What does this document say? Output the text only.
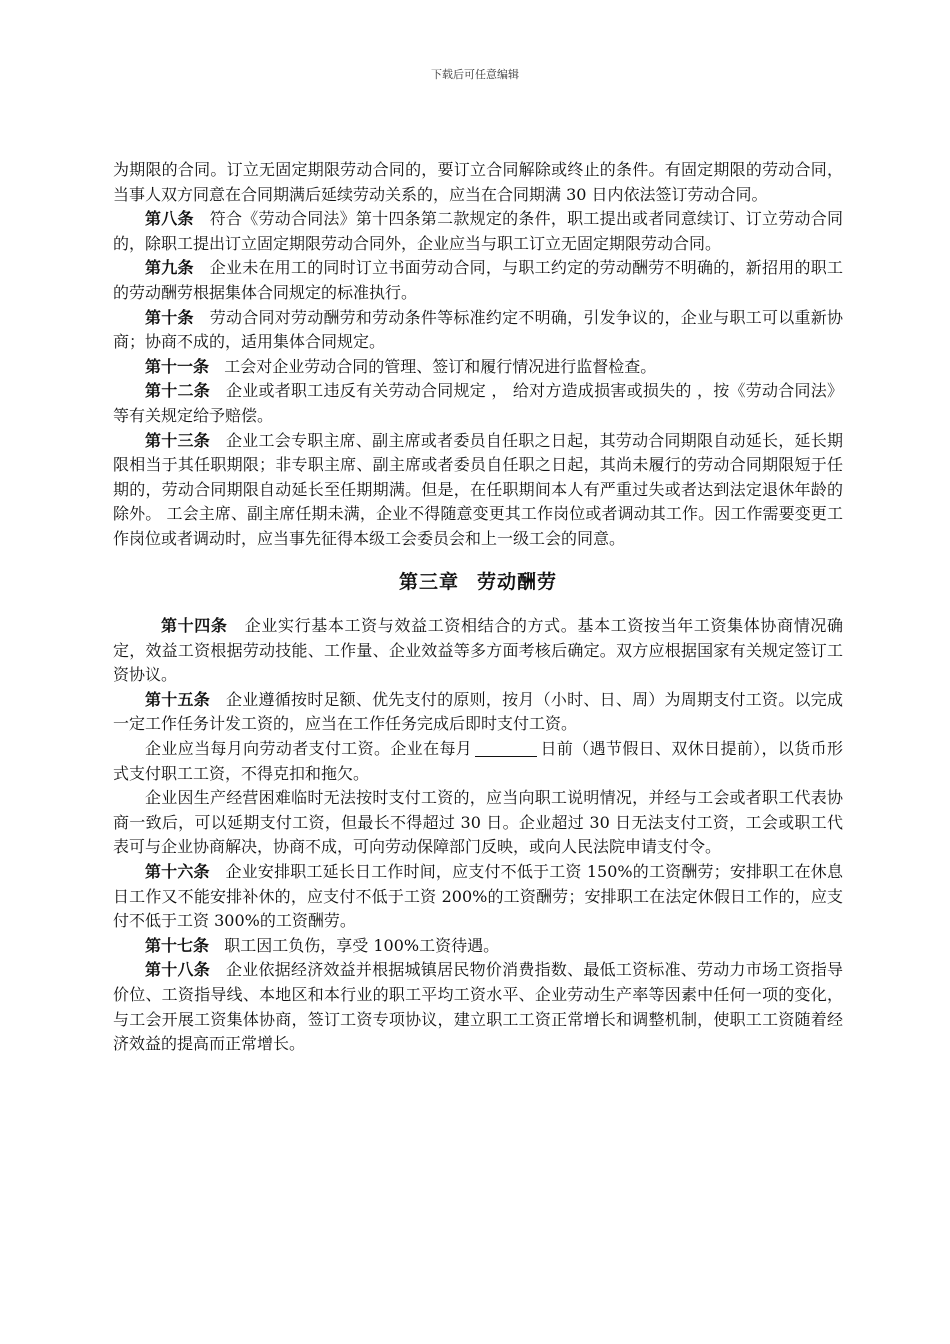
下载后可任意编辑

为期限的合同。订立无固定期限劳动合同的，要订立合同解除或终止的条件。有固定期限的劳动合同，当事人双方同意在合同期满后延续劳动关系的，应当在合同期满 30 日内依法签订劳动合同。

第八条 符合《劳动合同法》第十四条第二款规定的条件，职工提出或者同意续订、订立劳动合同的，除职工提出订立固定期限劳动合同外，企业应当与职工订立无固定期限劳动合同。

第九条 企业未在用工的同时订立书面劳动合同，与职工约定的劳动酬劳不明确的，新招用的职工的劳动酬劳根据集体合同规定的标准执行。

第十条 劳动合同对劳动酬劳和劳动条件等标准约定不明确，引发争议的，企业与职工可以重新协商；协商不成的，适用集体合同规定。

第十一条 工会对企业劳动合同的管理、签订和履行情况进行监督检查。

第十二条 企业或者职工违反有关劳动合同规定 ， 给对方造成损害或损失的 ，按《劳动合同法》等有关规定给予赔偿。

第十三条 企业工会专职主席、副主席或者委员自任职之日起，其劳动合同期限自动延长，延长期限相当于其任职期限；非专职主席、副主席或者委员自任职之日起，其尚未履行的劳动合同期限短于任期的，劳动合同期限自动延长至任期期满。但是，在任职期间本人有严重过失或者达到法定退休年龄的除外。 工会主席、副主席任期未满，企业不得随意变更其工作岗位或者调动其工作。因工作需要变更工作岗位或者调动时，应当事先征得本级工会委员会和上一级工会的同意。

第三章 劳动酬劳

第十四条 企业实行基本工资与效益工资相结合的方式。基本工资按当年工资集体协商情况确定，效益工资根据劳动技能、工作量、企业效益等多方面考核后确定。双方应根据国家有关规定签订工资协议。

第十五条 企业遵循按时足额、优先支付的原则，按月（小时、日、周）为周期支付工资。以完成一定工作任务计发工资的，应当在工作任务完成后即时支付工资。

企业应当每月向劳动者支付工资。企业在每月	日前（遇节假日、双休日提前），以货币形式支付职工工资，不得克扣和拖欠。

企业因生产经营困难临时无法按时支付工资的，应当向职工说明情况，并经与工会或者职工代表协商一致后，可以延期支付工资，但最长不得超过 30 日。企业超过 30 日无法支付工资，工会或职工代表可与企业协商解决，协商不成，可向劳动保障部门反映，或向人民法院申请支付令。

第十六条 企业安排职工延长日工作时间，应支付不低于工资 150%的工资酬劳；安排职工在休息日工作又不能安排补休的，应支付不低于工资 200%的工资酬劳；安排职工在法定休假日工作的，应支付不低于工资 300%的工资酬劳。

第十七条 职工因工负伤，享受 100%工资待遇。

第十八条 企业依据经济效益并根据城镇居民物价消费指数、最低工资标准、劳动力市场工资指导价位、工资指导线、本地区和本行业的职工平均工资水平、企业劳动生产率等因素中任何一项的变化，与工会开展工资集体协商，签订工资专项协议，建立职工工资正常增长和调整机制，使职工工资随着经济效益的提高而正常增长。
